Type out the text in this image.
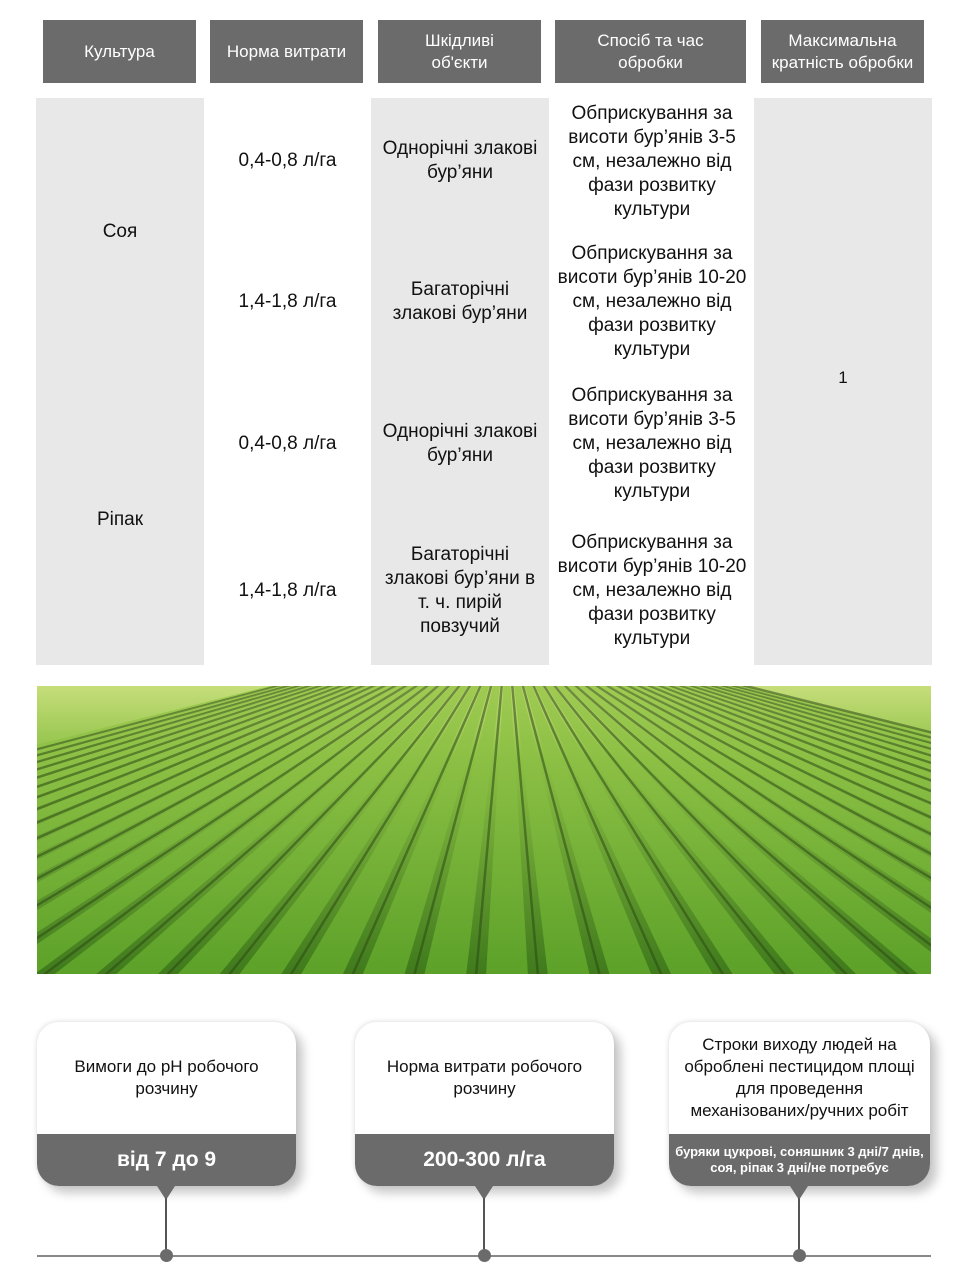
Культура	Норма витрати
Шкідливі об'єкти
Спосіб та час обробки
Максимальна кратність обробки
Соя
Ріпак
0,4-0,8 л/га
Однорічні злакові бур’яни
Обприскування за висоти бур’янів 3-5 см, незалежно від фази розвитку культури
1,4-1,8 л/га
Багаторічні злакові бур’яни
Обприскування за висоти бур’янів 10-20 см, незалежно від фази розвитку культури
0,4-0,8 л/га
Однорічні злакові бур’яни
Обприскування за висоти бур’янів 3-5 см, незалежно від фази розвитку культури
1,4-1,8 л/га
Багаторічні злакові бур’яни в т. ч. пирій повзучий
Обприскування за висоти бур’янів 10-20 см, незалежно від фази розвитку культури
1
Вимоги до рН робочого розчину
від 7 до 9
Норма витрати робочого розчину
200-300 л/га
Строки виходу людей на оброблені пестицидом площі для проведення механізованих/ручних робіт
буряки цукрові, соняшник 3 дні/7 днів, соя, ріпак 3 дні/не потребує
